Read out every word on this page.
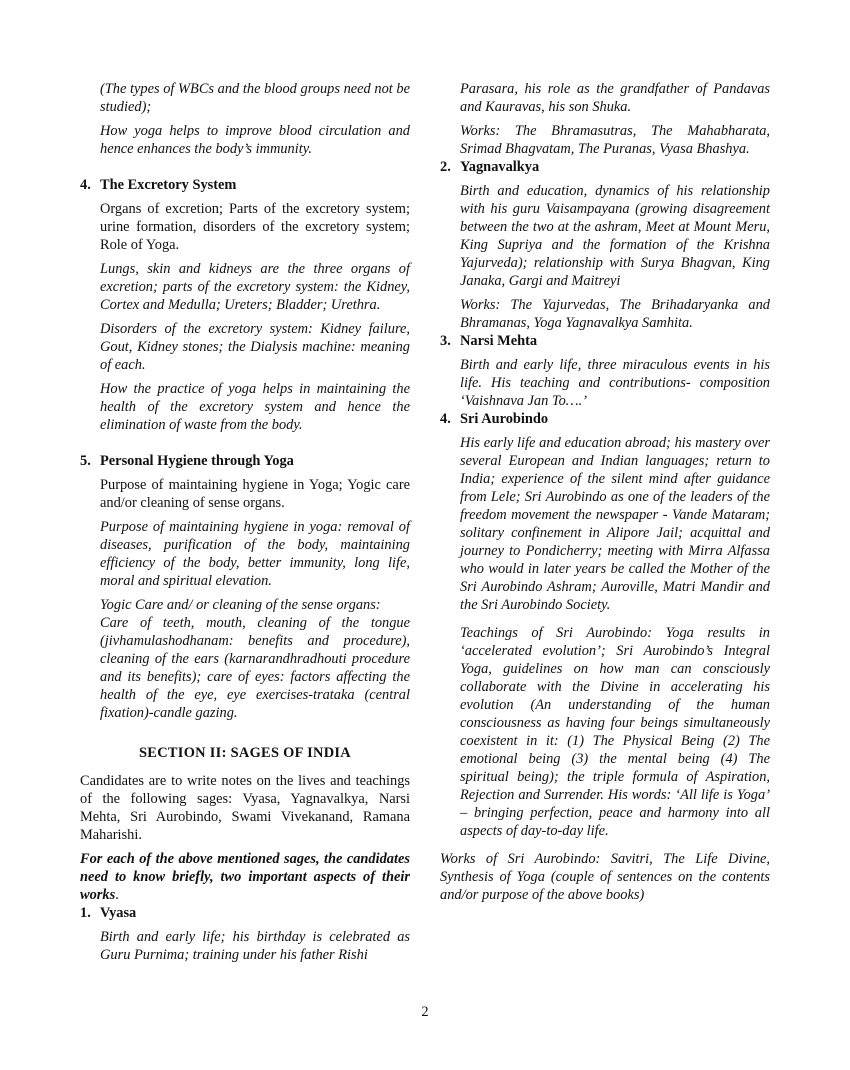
(The types of WBCs and the blood groups need not be studied);

How yoga helps to improve blood circulation and hence enhances the body’s immunity.

4. The Excretory System

Organs of excretion; Parts of the excretory system; urine formation, disorders of the excretory system; Role of Yoga.

Lungs, skin and kidneys are the three organs of excretion; parts of the excretory system: the Kidney, Cortex and Medulla; Ureters; Bladder; Urethra.

Disorders of the excretory system: Kidney failure, Gout, Kidney stones; the Dialysis machine: meaning of each.

How the practice of yoga helps in maintaining the health of the excretory system and hence the elimination of waste from the body.

5. Personal Hygiene through Yoga

Purpose of maintaining hygiene in Yoga; Yogic care and/or cleaning of sense organs.

Purpose of maintaining hygiene in yoga: removal of diseases, purification of the body, maintaining efficiency of the body, better immunity, long life, moral and spiritual elevation.

Yogic Care and/ or cleaning of the sense organs:

Care of teeth, mouth, cleaning of the tongue (jivhamulashodhanam: benefits and procedure), cleaning of the ears (karnarandhradhouti procedure and its benefits); care of eyes: factors affecting the health of the eye, eye exercises-trataka (central fixation)-candle gazing.

SECTION II: SAGES OF INDIA

Candidates are to write notes on the lives and teachings of the following sages: Vyasa, Yagnavalkya, Narsi Mehta, Sri Aurobindo, Swami Vivekanand, Ramana Maharishi.

For each of the above mentioned sages, the candidates need to know briefly, two important aspects of their works.

1. Vyasa

Birth and early life; his birthday is celebrated as Guru Purnima; training under his father Rishi

Parasara, his role as the grandfather of Pandavas and Kauravas, his son Shuka.

Works: The Bhramasutras, The Mahabharata, Srimad Bhagvatam, The Puranas, Vyasa Bhashya.

2. Yagnavalkya

Birth and education, dynamics of his relationship with his guru Vaisampayana (growing disagreement between the two at the ashram, Meet at Mount Meru, King Supriya and the formation of the Krishna Yajurveda); relationship with Surya Bhagvan, King Janaka, Gargi and Maitreyi

Works: The Yajurvedas, The Brihadaryanka and Bhramanas, Yoga Yagnavalkya Samhita.

3. Narsi Mehta

Birth and early life, three miraculous events in his life. His teaching and contributions- composition ‘Vaishnava Jan To….’

4. Sri Aurobindo

His early life and education abroad; his mastery over several European and Indian languages; return to India; experience of the silent mind after guidance from Lele; Sri Aurobindo as one of the leaders of the freedom movement the newspaper - Vande Mataram; solitary confinement in Alipore Jail; acquittal and journey to Pondicherry; meeting with Mirra Alfassa who would in later years be called the Mother of the Sri Aurobindo Ashram; Auroville, Matri Mandir and the Sri Aurobindo Society.

Teachings of Sri Aurobindo: Yoga results in ‘accelerated evolution’; Sri Aurobindo’s Integral Yoga, guidelines on how man can consciously collaborate with the Divine in accelerating his evolution (An understanding of the human consciousness as having four beings simultaneously coexistent in it: (1) The Physical Being (2) The emotional being (3) the mental being (4) The spiritual being); the triple formula of Aspiration, Rejection and Surrender. His words: ‘All life is Yoga’ – bringing perfection, peace and harmony into all aspects of day-to-day life.

Works of Sri Aurobindo: Savitri, The Life Divine, Synthesis of Yoga (couple of sentences on the contents and/or purpose of the above books)

2
